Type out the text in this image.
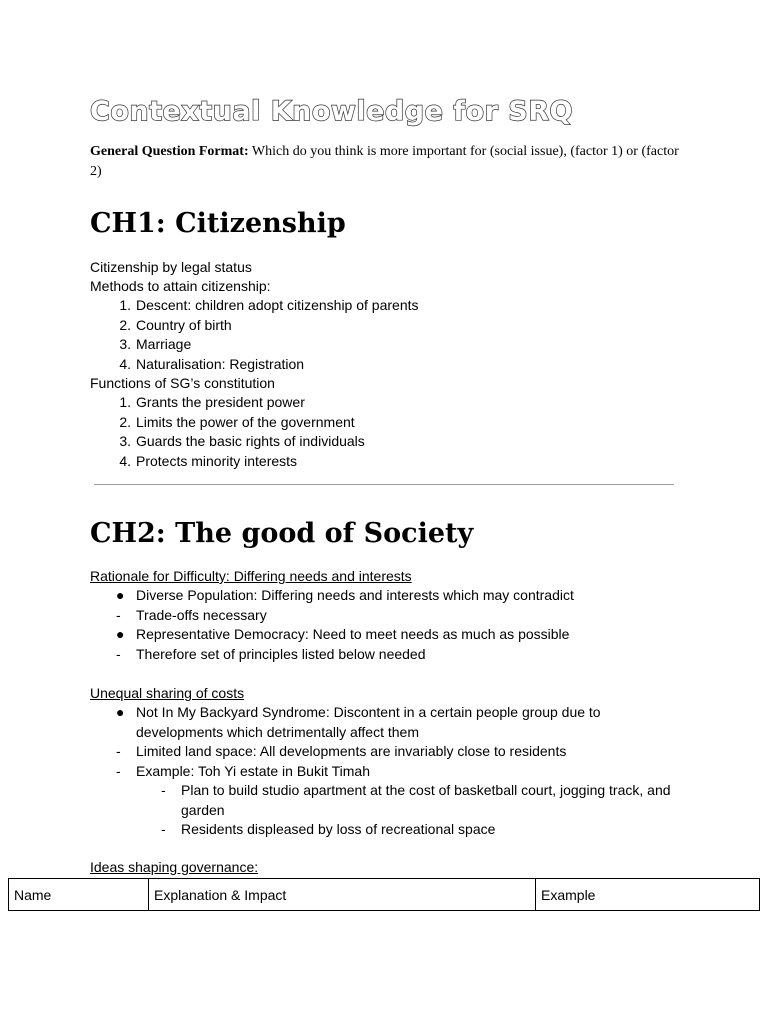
Contextual Knowledge for SRQ

General Question Format: Which do you think is more important for (social issue), (factor 1) or (factor 2)

CH1: Citizenship
Citizenship by legal status
Methods to attain citizenship:
1. Descent: children adopt citizenship of parents
2. Country of birth
3. Marriage
4. Naturalisation: Registration
Functions of SG’s constitution
1. Grants the president power
2. Limits the power of the government
3. Guards the basic rights of individuals
4. Protects minority interests
CH2: The good of Society
Rationale for Difficulty: Differing needs and interests
● Diverse Population: Differing needs and interests which may contradict
- Trade-offs necessary
● Representative Democracy: Need to meet needs as much as possible
- Therefore set of principles listed below needed
Unequal sharing of costs
● Not In My Backyard Syndrome: Discontent in a certain people group due to developments which detrimentally affect them
- Limited land space: All developments are invariably close to residents
- Example: Toh Yi estate in Bukit Timah
- Plan to build studio apartment at the cost of basketball court, jogging track, and garden
- Residents displeased by loss of recreational space
Ideas shaping governance:
Name	Explanation & Impact	Example
